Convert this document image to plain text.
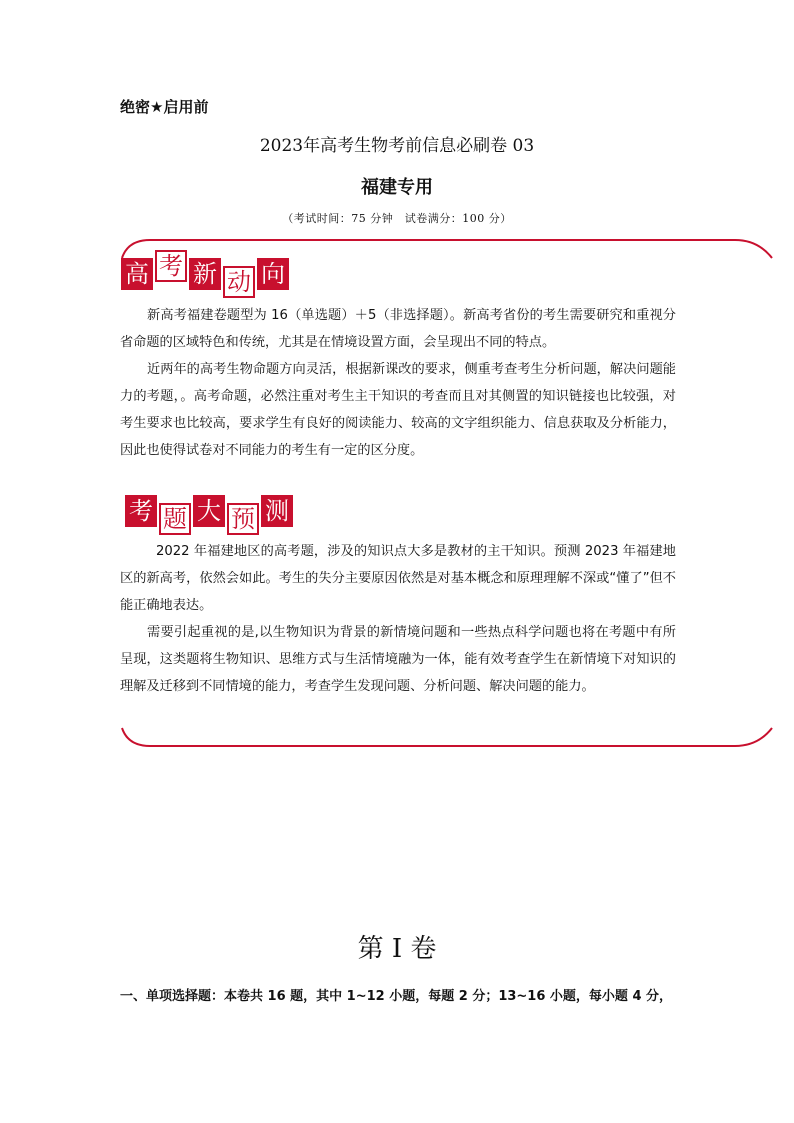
绝密★启用前
2023年高考生物考前信息必刷卷 03
福建专用
（考试时间：75 分钟　试卷满分：100 分）
高 考 新 动 向
新高考福建卷题型为 16（单选题）＋5（非选择题）。新高考省份的考生需要研究和重视分省命题的区域特色和传统，尤其是在情境设置方面，会呈现出不同的特点。
近两年的高考生物命题方向灵活，根据新课改的要求，侧重考查考生分析问题，解决问题能力的考题，。高考命题，必然注重对考生主干知识的考查而且对其侧置的知识链接也比较强，对考生要求也比较高，要求学生有良好的阅读能力、较高的文字组织能力、信息获取及分析能力，因此也使得试卷对不同能力的考生有一定的区分度。
考 题 大 预 测
2022 年福建地区的高考题，涉及的知识点大多是教材的主干知识。预测 2023 年福建地区的新高考，依然会如此。考生的失分主要原因依然是对基本概念和原理理解不深或“懂了”但不能正确地表达。
需要引起重视的是,以生物知识为背景的新情境问题和一些热点科学问题也将在考题中有所呈现，这类题将生物知识、思维方式与生活情境融为一体，能有效考查学生在新情境下对知识的理解及迁移到不同情境的能力，考查学生发现问题、分析问题、解决问题的能力。
第 I 卷
一、单项选择题：本卷共 16 题，其中 1~12 小题，每题 2 分；13~16 小题，每小题 4 分，
